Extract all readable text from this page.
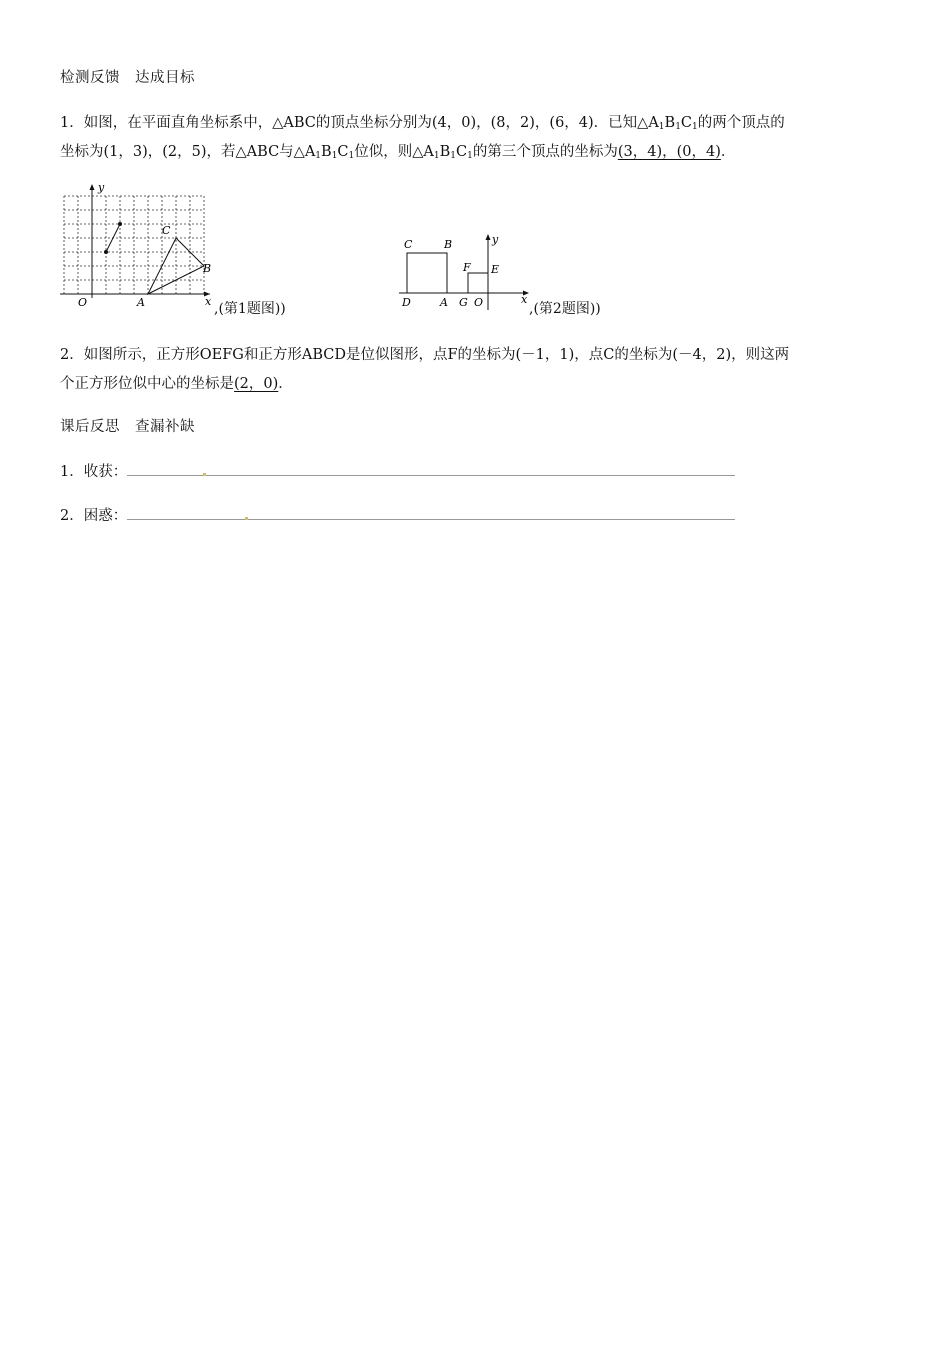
检测反馈　达成目标
1．如图，在平面直角坐标系中，△ABC的顶点坐标分别为(4，0)，(8，2)，(6，4)．已知$\triangle A_1B_1C_1$的两个顶点的
坐标为(1，3)，(2，5)，若△ABC与$\triangle A_1B_1C_1$位似，则$\triangle A_1B_1C_1$的第三个顶点的坐标为(3，4)，(0，4)．
y
x
O	A
B
C
,(第1题图))
C	B	y
F E
D	A G O	x
,(第2题图))
2．如图所示，正方形OEFG和正方形ABCD是位似图形，点F的坐标为(－1，1)，点C的坐标为(－4，2)，则这两
个正方形位似中心的坐标是(2，0)．
课后反思　查漏补缺
1．收获：
2．困惑：
